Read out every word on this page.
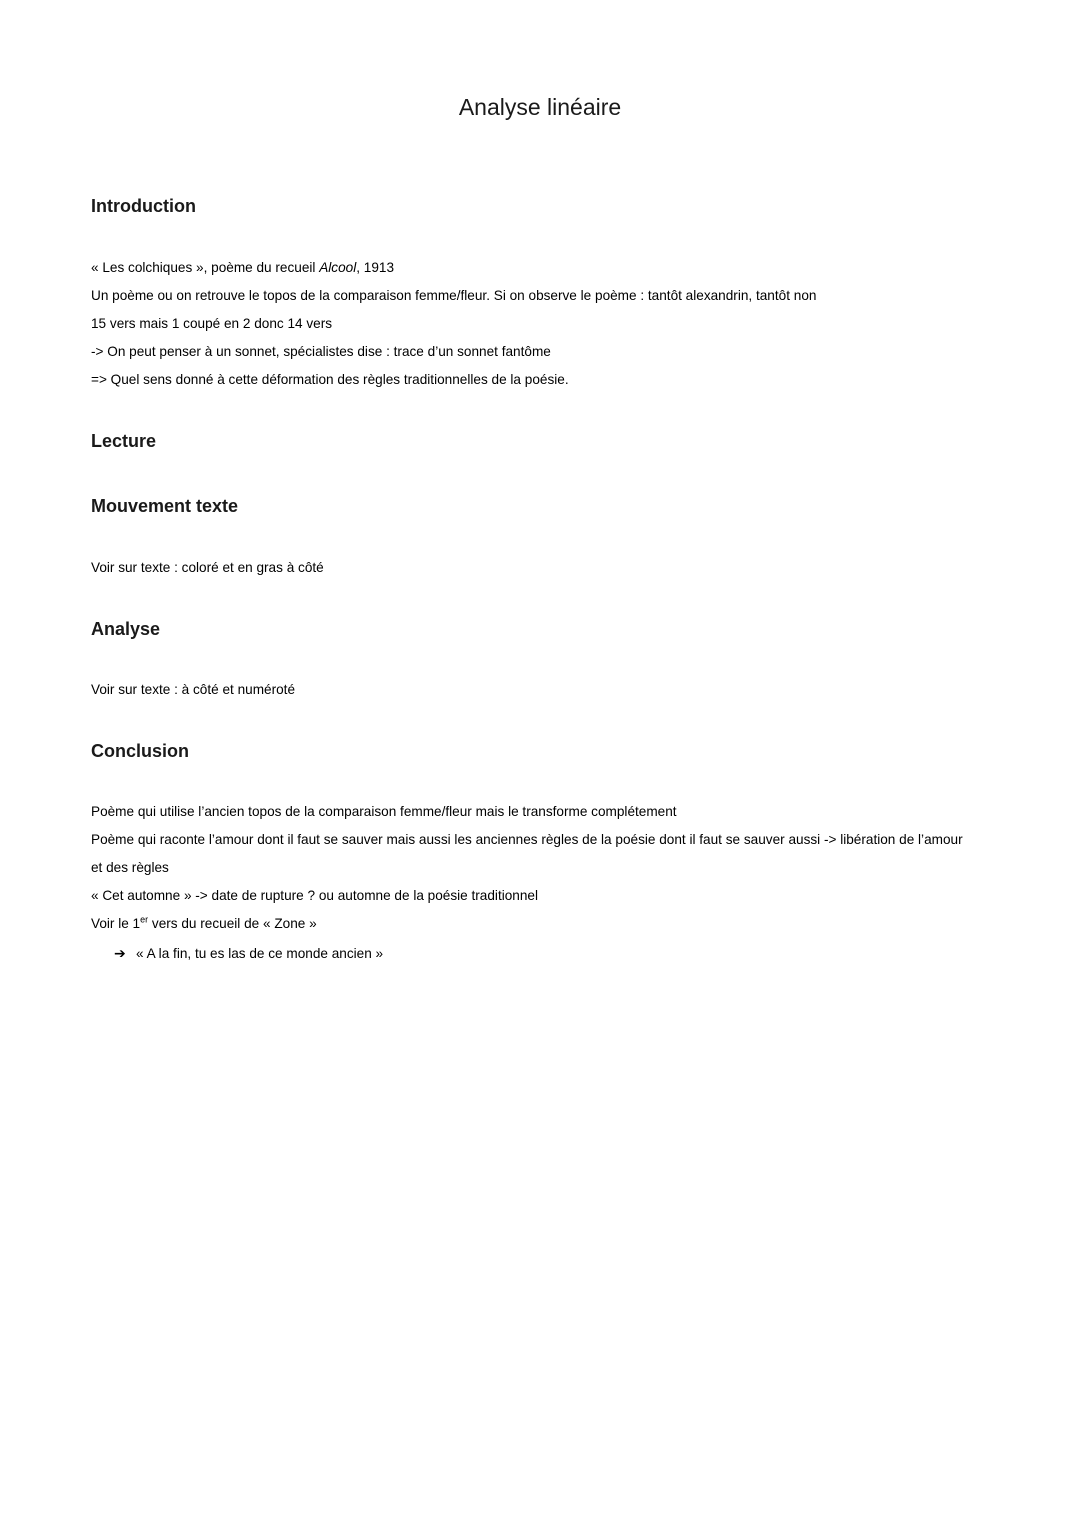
Analyse linéaire
Introduction
« Les colchiques », poème du recueil Alcool, 1913
Un poème ou on retrouve le topos de la comparaison femme/fleur. Si on observe le poème : tantôt alexandrin, tantôt non
15 vers mais 1 coupé en 2 donc 14 vers
-> On peut penser à un sonnet, spécialistes dise : trace d’un sonnet fantôme
=> Quel sens donné à cette déformation des règles traditionnelles de la poésie.
Lecture
Mouvement texte
Voir sur texte : coloré et en gras à côté
Analyse
Voir sur texte : à côté et numéroté
Conclusion
Poème qui utilise l’ancien topos de la comparaison femme/fleur mais le transforme complétement
Poème qui raconte l’amour dont il faut se sauver mais aussi les anciennes règles de la poésie dont il faut se sauver aussi -> libération de l’amour
et des règles
« Cet automne » -> date de rupture ? ou automne de la poésie traditionnel
Voir le 1er vers du recueil de « Zone »
➔ « A la fin, tu es las de ce monde ancien »
